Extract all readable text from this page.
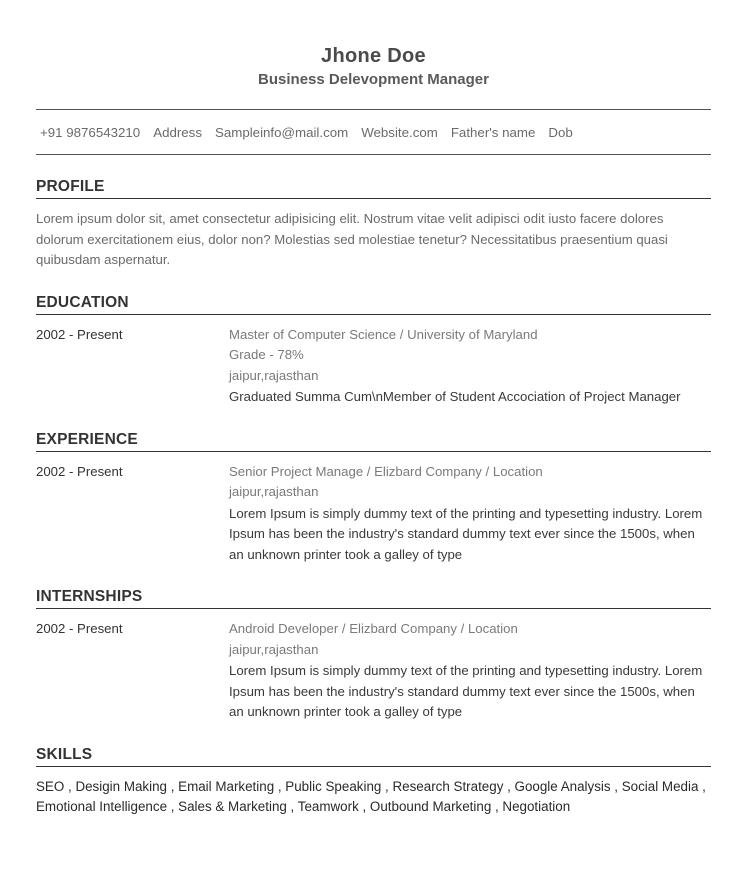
Jhone Doe
Business Delevopment Manager
+91 9876543210 Address Sampleinfo@mail.com Website.com Father's name Dob
PROFILE
Lorem ipsum dolor sit, amet consectetur adipisicing elit. Nostrum vitae velit adipisci odit iusto facere dolores dolorum exercitationem eius, dolor non? Molestias sed molestiae tenetur? Necessitatibus praesentium quasi quibusdam aspernatur.
EDUCATION
2002 - Present	Master of Computer Science / University of Maryland
Grade - 78%
jaipur,rajasthan
Graduated Summa Cum\nMember of Student Accociation of Project Manager
EXPERIENCE
2002 - Present	Senior Project Manage / Elizbard Company / Location
jaipur,rajasthan
Lorem Ipsum is simply dummy text of the printing and typesetting industry. Lorem Ipsum has been the industry's standard dummy text ever since the 1500s, when an unknown printer took a galley of type
INTERNSHIPS
2002 - Present	Android Developer / Elizbard Company / Location
jaipur,rajasthan
Lorem Ipsum is simply dummy text of the printing and typesetting industry. Lorem Ipsum has been the industry's standard dummy text ever since the 1500s, when an unknown printer took a galley of type
SKILLS
SEO , Desigin Making , Email Marketing , Public Speaking , Research Strategy , Google Analysis , Social Media , Emotional Intelligence , Sales & Marketing , Teamwork , Outbound Marketing , Negotiation
